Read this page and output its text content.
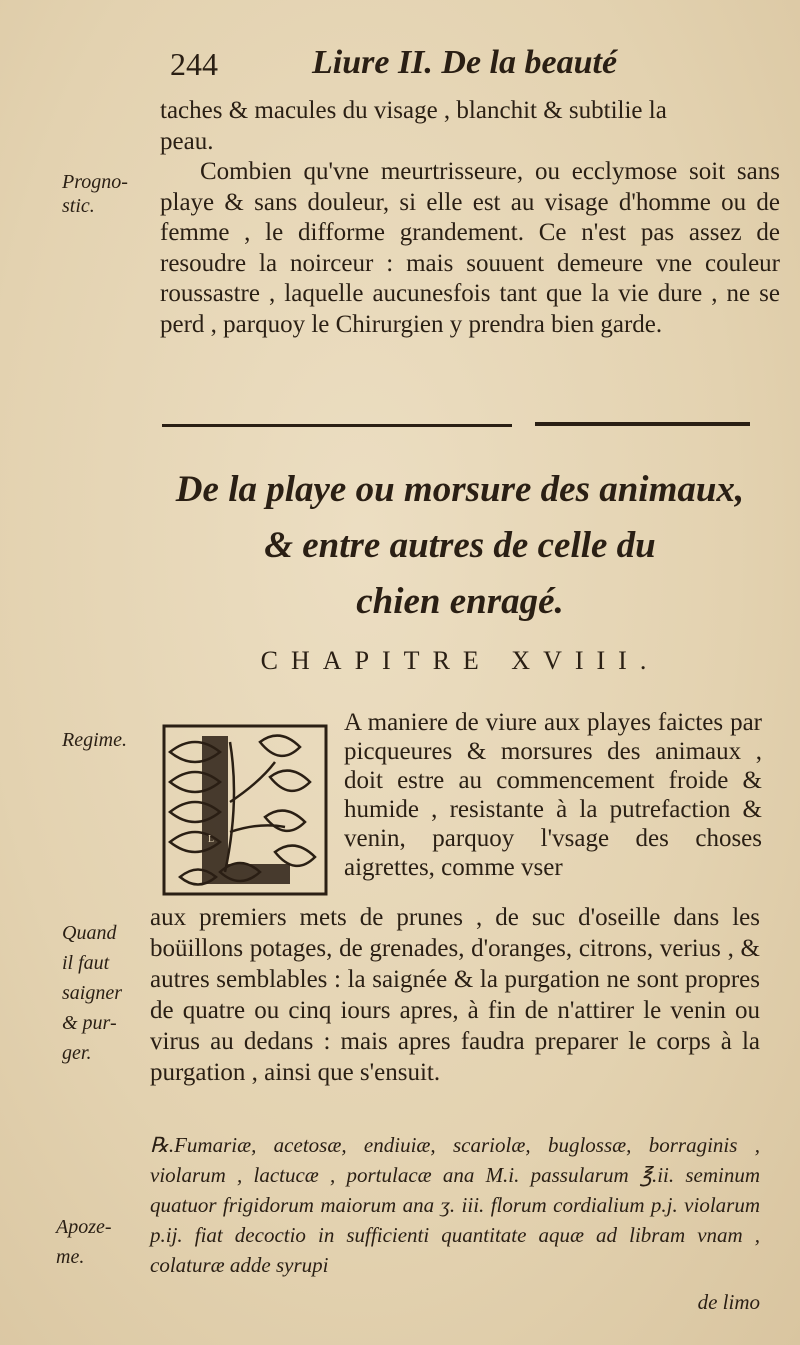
244	Liure II. De la beauté

taches & macules du visage , blanchit & subtilie la

peau.

Combien qu'vne meurtrisseure, ou ecclymose soit sans playe & sans douleur, si elle est au visage d'homme ou de femme , le difforme grandement. Ce n'est pas assez de resoudre la noirceur : mais souuent demeure vne couleur roussastre , laquelle aucunesfois tant que la vie dure , ne se perd , parquoy le Chirurgien y prendra bien garde.

Progno-
stic.
De la playe ou morsure des animaux,
& entre autres de celle du
chien enragé.
CHAPITRE XVIII.
Regime.
L

A maniere de viure aux playes faictes par picqueures & morsures des animaux , doit estre au commencement froide & humide , resistante à la putrefaction & venin, parquoy l'vsage des choses aigrettes, comme vser

aux premiers mets de prunes , de suc d'oseille dans les boüillons potages, de grenades, d'oranges, citrons, verius , & autres semblables : la saignée & la purgation ne sont propres de quatre ou cinq iours apres, à fin de n'attirer le venin ou virus au dedans : mais apres faudra preparer le corps à la purgation , ainsi que s'ensuit.

Quand
il faut
saigner
& pur-
ger.

℞.Fumariæ, acetosæ, endiuiæ, scariolæ, buglossæ, borraginis , violarum , lactucæ , portulacæ ana M.i. passularum ℥.ii. seminum quatuor frigidorum maiorum ana ʒ. iii. florum cordialium p.j. violarum p.ij. fiat decoctio in sufficienti quantitate aquæ ad libram vnam , colaturæ adde syrupi

de limo
Apoze-
me.
